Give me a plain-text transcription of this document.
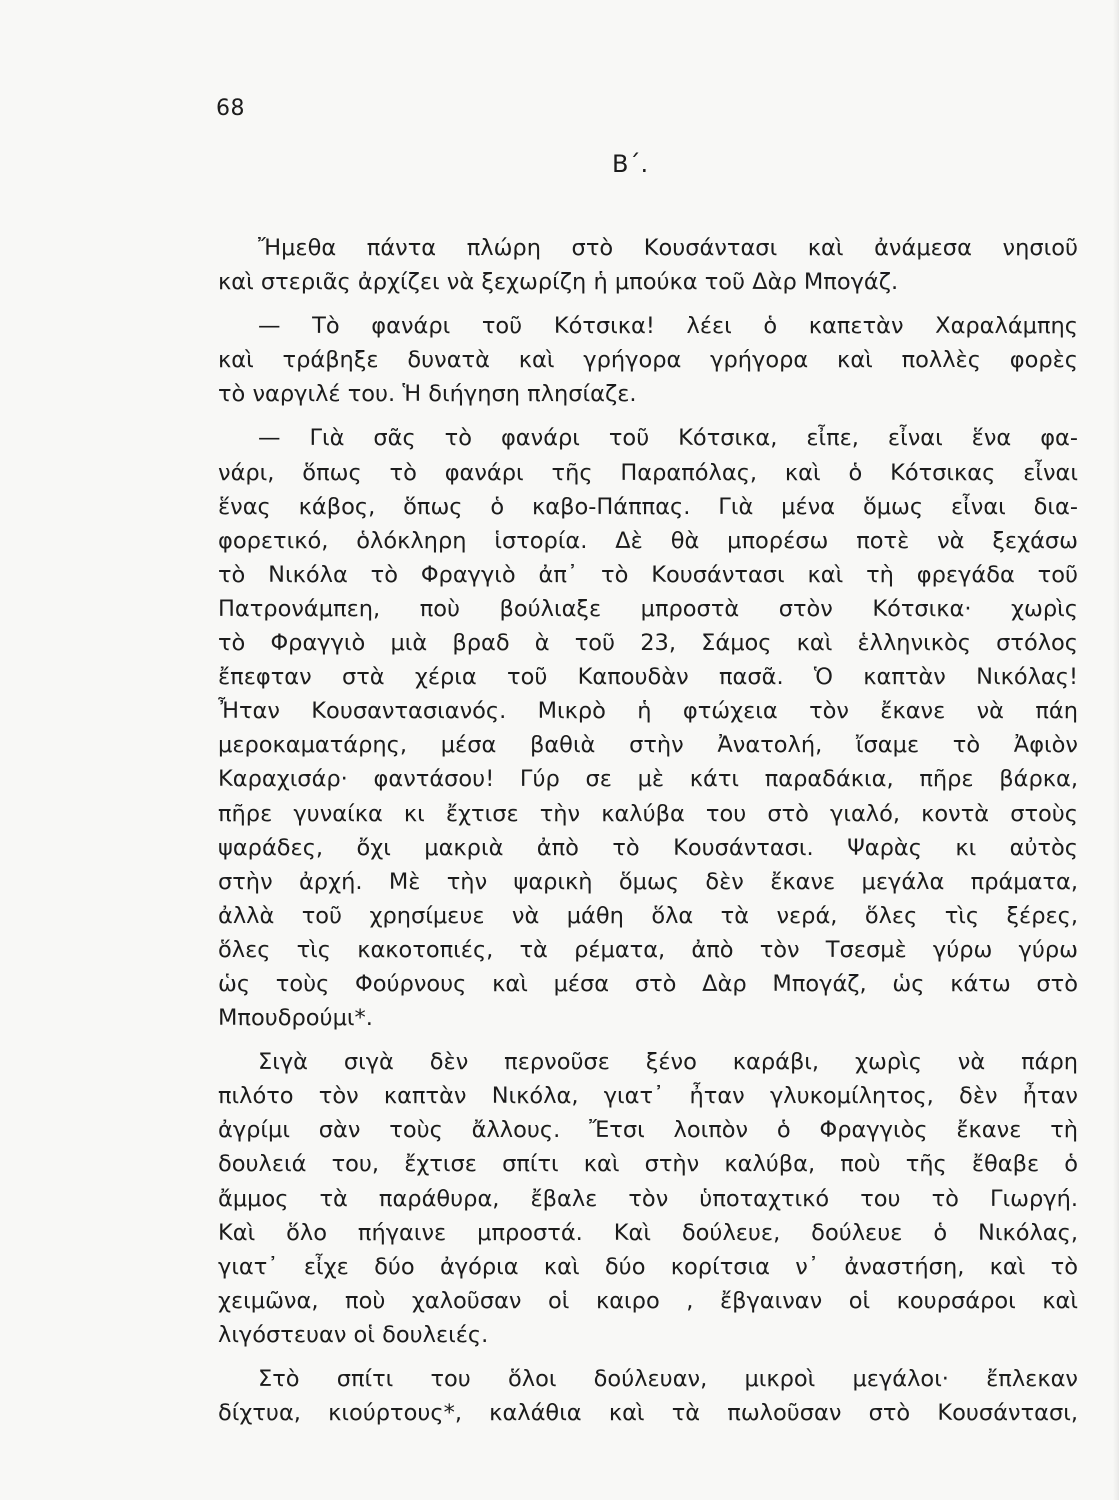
68
Β΄.

Ἤμεθα πάντα πλώρη στὸ Κουσάντασι καὶ ἀνάμεσα νησιοῦ

καὶ στεριᾶς ἀρχίζει νὰ ξεχωρίζη ἡ μπούκα τοῦ Δὰρ Μπογάζ.

— Τὸ φανάρι τοῦ Κότσικα! λέει ὁ καπετὰν Χαραλάμπης

καὶ τράβηξε δυνατὰ καὶ γρήγορα γρήγορα καὶ πολλὲς φορὲς

τὸ ναργιλέ του. Ἡ διήγηση πλησίαζε.

— Γιὰ σᾶς τὸ φανάρι τοῦ Κότσικα, εἶπε, εἶναι ἕνα φα-

νάρι, ὅπως τὸ φανάρι τῆς Παραπόλας, καὶ ὁ Κότσικας εἶναι

ἕνας κάβος, ὅπως ὁ καβο-Πάππας. Γιὰ μένα ὅμως εἶναι δια-

φορετικό, ὁλόκληρη ἱστορία. Δὲ θὰ μπορέσω ποτὲ νὰ ξεχάσω

τὸ Νικόλα τὸ Φραγγιὸ ἀπ᾿ τὸ Κουσάντασι καὶ τὴ φρεγάδα τοῦ

Πατρονάμπεη, ποὺ βούλιαξε μπροστὰ στὸν Κότσικα· χωρὶς

τὸ Φραγγιὸ μιὰ βραδ ὰ τοῦ 23, Σάμος καὶ ἑλληνικὸς στόλος

ἔπεφταν στὰ χέρια τοῦ Καπουδὰν πασᾶ. Ὁ καπτὰν Νικόλας!

Ἦταν Κουσαντασιανός. Μικρὸ ἡ φτώχεια τὸν ἔκανε νὰ πάη

μεροκαματάρης, μέσα βαθιὰ στὴν Ἀνατολή, ἴσαμε τὸ Ἀφιὸν

Καραχισάρ· φαντάσου! Γύρ σε μὲ κάτι παραδάκια, πῆρε βάρκα,

πῆρε γυναίκα κι ἔχτισε τὴν καλύβα του στὸ γιαλό, κοντὰ στοὺς

ψαράδες, ὄχι μακριὰ ἀπὸ τὸ Κουσάντασι. Ψαρὰς κι αὐτὸς

στὴν ἀρχή. Μὲ τὴν ψαρικὴ ὅμως δὲν ἔκανε μεγάλα πράματα,

ἀλλὰ τοῦ χρησίμευε νὰ μάθη ὅλα τὰ νερά, ὅλες τὶς ξέρες,

ὅλες τὶς κακοτοπιές, τὰ ρέματα, ἀπὸ τὸν Τσεσμὲ γύρω γύρω

ὡς τοὺς Φούρνους καὶ μέσα στὸ Δὰρ Μπογάζ, ὡς κάτω στὸ

Μπουδρούμι*.

Σιγὰ σιγὰ δὲν περνοῦσε ξένο καράβι, χωρὶς νὰ πάρη

πιλότο τὸν καπτὰν Νικόλα, γιατ᾿ ἦταν γλυκομίλητος, δὲν ἦταν

ἀγρίμι σὰν τοὺς ἄλλους. Ἔτσι λοιπὸν ὁ Φραγγιὸς ἔκανε τὴ

δουλειά του, ἔχτισε σπίτι καὶ στὴν καλύβα, ποὺ τῆς ἔθαβε ὁ

ἄμμος τὰ παράθυρα, ἔβαλε τὸν ὑποταχτικό του τὸ Γιωργή.

Καὶ ὅλο πήγαινε μπροστά. Καὶ δούλευε, δούλευε ὁ Νικόλας,

γιατ᾿ εἶχε δύο ἀγόρια καὶ δύο κορίτσια ν᾿ ἀναστήση, καὶ τὸ

χειμῶνα, ποὺ χαλοῦσαν οἱ καιρο , ἔβγαιναν οἱ κουρσάροι καὶ

λιγόστευαν οἱ δουλειές.

Στὸ σπίτι του ὅλοι δούλευαν, μικροὶ μεγάλοι· ἔπλεκαν

δίχτυα, κιούρτους*, καλάθια καὶ τὰ πωλοῦσαν στὸ Κουσάντασι,
